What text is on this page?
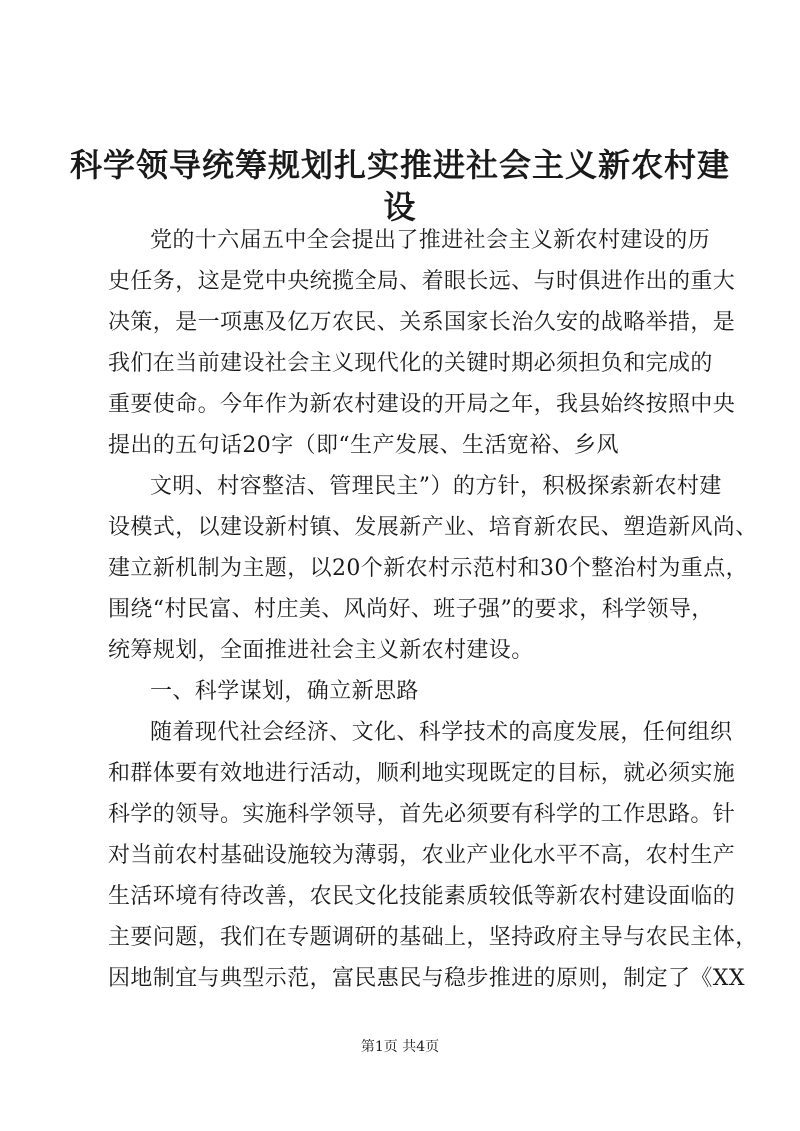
科学领导统筹规划扎实推进社会主义新农村建
设
党的十六届五中全会提出了推进社会主义新农村建设的历
史任务，这是党中央统揽全局、着眼长远、与时俱进作出的重大
决策，是一项惠及亿万农民、关系国家长治久安的战略举措，是
我们在当前建设社会主义现代化的关键时期必须担负和完成的
重要使命。今年作为新农村建设的开局之年，我县始终按照中央
提出的五句话20字（即“生产发展、生活宽裕、乡风
文明、村容整洁、管理民主”）的方针，积极探索新农村建
设模式，以建设新村镇、发展新产业、培育新农民、塑造新风尚、
建立新机制为主题，以20个新农村示范村和30个整治村为重点，
围绕“村民富、村庄美、风尚好、班子强”的要求，科学领导，
统筹规划，全面推进社会主义新农村建设。
一、科学谋划，确立新思路
随着现代社会经济、文化、科学技术的高度发展，任何组织
和群体要有效地进行活动，顺利地实现既定的目标，就必须实施
科学的领导。实施科学领导，首先必须要有科学的工作思路。针
对当前农村基础设施较为薄弱，农业产业化水平不高，农村生产
生活环境有待改善，农民文化技能素质较低等新农村建设面临的
主要问题，我们在专题调研的基础上，坚持政府主导与农民主体，
因地制宜与典型示范，富民惠民与稳步推进的原则，制定了《XX
第1页 共4页
